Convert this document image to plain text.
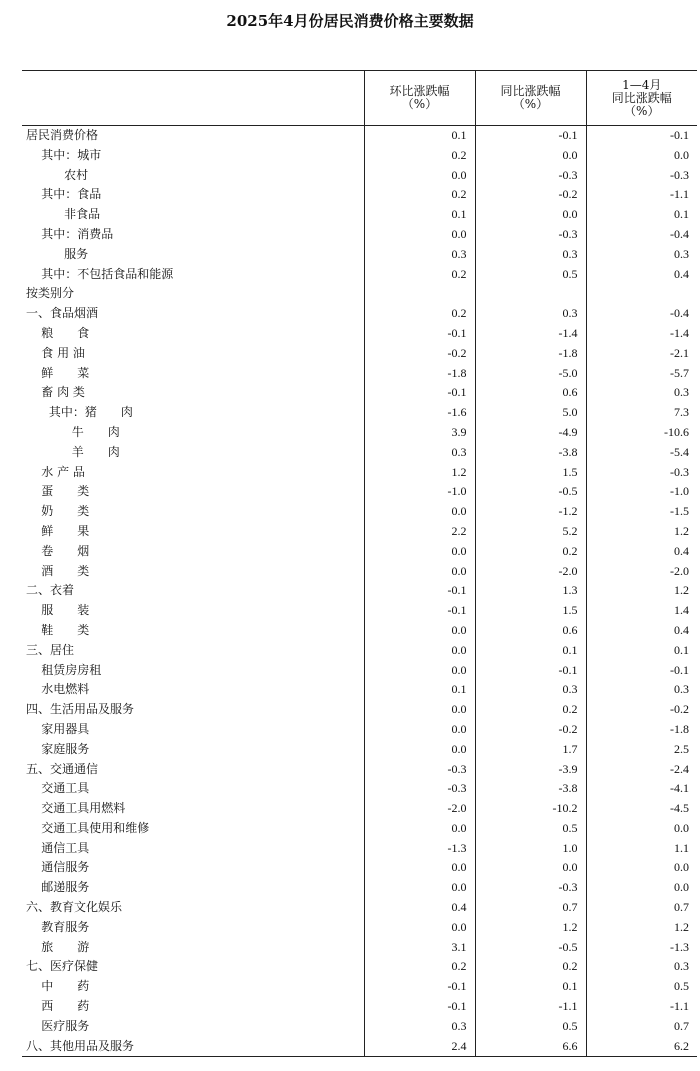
2025年4月份居民消费价格主要数据

	环比涨跌幅
（%）	同比涨跌幅
（%）	1—4月
同比涨跌幅
（%）

居民消费价格	0.1	-0.1	-0.1
其中：城市	0.2	0.0	0.0
农村	0.0	-0.3	-0.3
其中：食品	0.2	-0.2	-1.1
非食品	0.1	0.0	0.1
其中：消费品	0.0	-0.3	-0.4
服务	0.3	0.3	0.3
其中：不包括食品和能源	0.2	0.5	0.4
按类别分			
一、食品烟酒	0.2	0.3	-0.4
粮　　食	-0.1	-1.4	-1.4
食 用 油	-0.2	-1.8	-2.1
鲜　　菜	-1.8	-5.0	-5.7
畜 肉 类	-0.1	0.6	0.3
其中：猪　　肉	-1.6	5.0	7.3
牛　　肉	3.9	-4.9	-10.6
羊　　肉	0.3	-3.8	-5.4
水 产 品	1.2	1.5	-0.3
蛋　　类	-1.0	-0.5	-1.0
奶　　类	0.0	-1.2	-1.5
鲜　　果	2.2	5.2	1.2
卷　　烟	0.0	0.2	0.4
酒　　类	0.0	-2.0	-2.0
二、衣着	-0.1	1.3	1.2
服　　装	-0.1	1.5	1.4
鞋　　类	0.0	0.6	0.4
三、居住	0.0	0.1	0.1
租赁房房租	0.0	-0.1	-0.1
水电燃料	0.1	0.3	0.3
四、生活用品及服务	0.0	0.2	-0.2
家用器具	0.0	-0.2	-1.8
家庭服务	0.0	1.7	2.5
五、交通通信	-0.3	-3.9	-2.4
交通工具	-0.3	-3.8	-4.1
交通工具用燃料	-2.0	-10.2	-4.5
交通工具使用和维修	0.0	0.5	0.0
通信工具	-1.3	1.0	1.1
通信服务	0.0	0.0	0.0
邮递服务	0.0	-0.3	0.0
六、教育文化娱乐	0.4	0.7	0.7
教育服务	0.0	1.2	1.2
旅　　游	3.1	-0.5	-1.3
七、医疗保健	0.2	0.2	0.3
中　　药	-0.1	0.1	0.5
西　　药	-0.1	-1.1	-1.1
医疗服务	0.3	0.5	0.7
八、其他用品及服务	2.4	6.6	6.2
